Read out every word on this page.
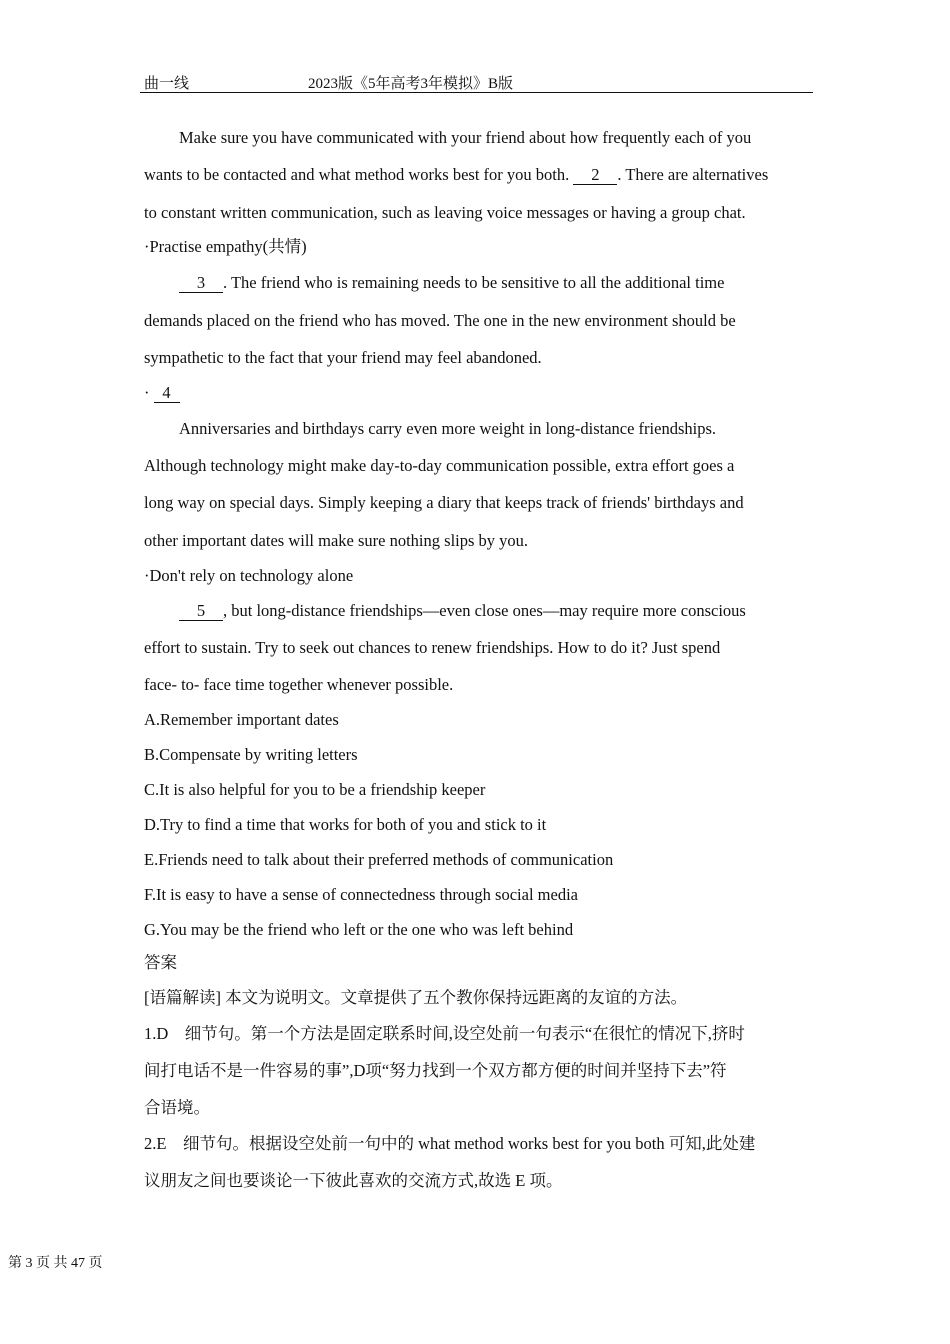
曲一线	2023版《5年高考3年模拟》B版
Make sure you have communicated with your friend about how frequently each of you
wants to be contacted and what method works best for you both. 2 . There are alternatives
to constant written communication, such as leaving voice messages or having a group chat.
·Practise empathy(共情)
3 . The friend who is remaining needs to be sensitive to all the additional time
demands placed on the friend who has moved. The one in the new environment should be
sympathetic to the fact that your friend may feel abandoned.
· 4
Anniversaries and birthdays carry even more weight in long-distance friendships.
Although technology might make day-to-day communication possible, extra effort goes a
long way on special days. Simply keeping a diary that keeps track of friends' birthdays and
other important dates will make sure nothing slips by you.
·Don't rely on technology alone
5 , but long-distance friendships—even close ones—may require more conscious
effort to sustain. Try to seek out chances to renew friendships. How to do it? Just spend
face- to- face time together whenever possible.
A.Remember important dates
B.Compensate by writing letters
C.It is also helpful for you to be a friendship keeper
D.Try to find a time that works for both of you and stick to it
E.Friends need to talk about their preferred methods of communication
F.It is easy to have a sense of connectedness through social media
G.You may be the friend who left or the one who was left behind
答案
[语篇解读] 本文为说明文。文章提供了五个教你保持远距离的友谊的方法。
1.D　细节句。第一个方法是固定联系时间,设空处前一句表示“在很忙的情况下,挤时
间打电话不是一件容易的事”,D项“努力找到一个双方都方便的时间并坚持下去”符
合语境。
2.E　细节句。根据设空处前一句中的 what method works best for you both 可知,此处建
议朋友之间也要谈论一下彼此喜欢的交流方式,故选 E 项。
第 3 页 共 47 页
